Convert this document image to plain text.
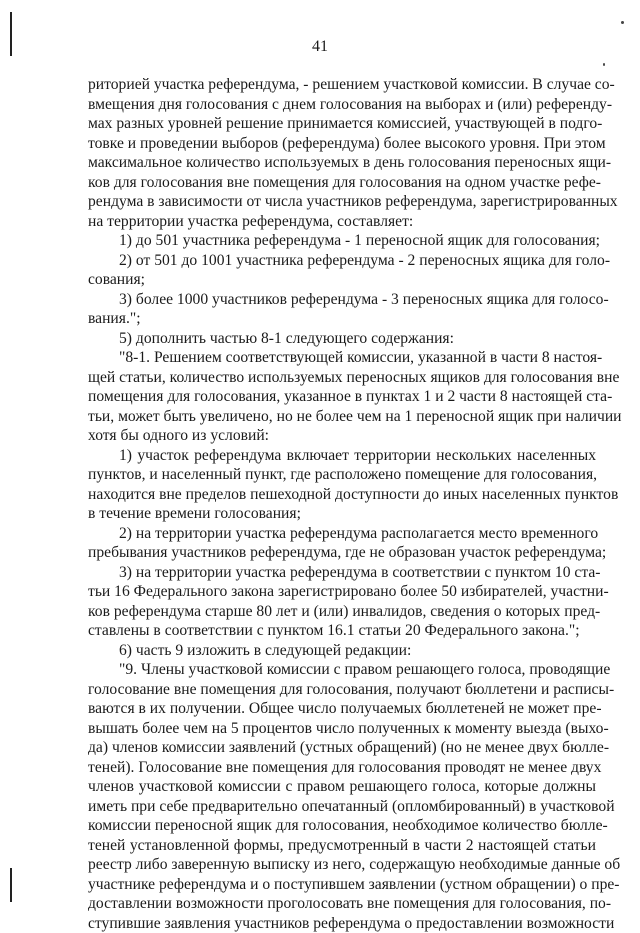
41
риторией участка референдума, - решением участковой комиссии. В случае со-
вмещения дня голосования с днем голосования на выборах и (или) референду-
мах разных уровней решение принимается комиссией, участвующей в подго-
товке и проведении выборов (референдума) более высокого уровня. При этом
максимальное количество используемых в день голосования переносных ящи-
ков для голосования вне помещения для голосования на одном участке рефе-
рендума в зависимости от числа участников референдума, зарегистрированных
на территории участка референдума, составляет:
1) до 501 участника референдума - 1 переносной ящик для голосования;
2) от 501 до 1001 участника референдума - 2 переносных ящика для голо-
сования;
3) более 1000 участников референдума - 3 переносных ящика для голосо-
вания.";
5) дополнить частью 8-1 следующего содержания:
"8-1. Решением соответствующей комиссии, указанной в части 8 настоя-
щей статьи, количество используемых переносных ящиков для голосования вне
помещения для голосования, указанное в пунктах 1 и 2 части 8 настоящей ста-
тьи, может быть увеличено, но не более чем на 1 переносной ящик при наличии
хотя бы одного из условий:
1) участок референдума включает территории нескольких населенных
пунктов, и населенный пункт, где расположено помещение для голосования,
находится вне пределов пешеходной доступности до иных населенных пунктов
в течение времени голосования;
2) на территории участка референдума располагается место временного
пребывания участников референдума, где не образован участок референдума;
3) на территории участка референдума в соответствии с пунктом 10 ста-
тьи 16 Федерального закона зарегистрировано более 50 избирателей, участни-
ков референдума старше 80 лет и (или) инвалидов, сведения о которых пред-
ставлены в соответствии с пунктом 16.1 статьи 20 Федерального закона.";
6) часть 9 изложить в следующей редакции:
"9. Члены участковой комиссии с правом решающего голоса, проводящие
голосование вне помещения для голосования, получают бюллетени и расписы-
ваются в их получении. Общее число получаемых бюллетеней не может пре-
вышать более чем на 5 процентов число полученных к моменту выезда (выхо-
да) членов комиссии заявлений (устных обращений) (но не менее двух бюлле-
теней). Голосование вне помещения для голосования проводят не менее двух
членов участковой комиссии с правом решающего голоса, которые должны
иметь при себе предварительно опечатанный (опломбированный) в участковой
комиссии переносной ящик для голосования, необходимое количество бюлле-
теней установленной формы, предусмотренный в части 2 настоящей статьи
реестр либо заверенную выписку из него, содержащую необходимые данные об
участнике референдума и о поступившем заявлении (устном обращении) о пре-
доставлении возможности проголосовать вне помещения для голосования, по-
ступившие заявления участников референдума о предоставлении возможности
